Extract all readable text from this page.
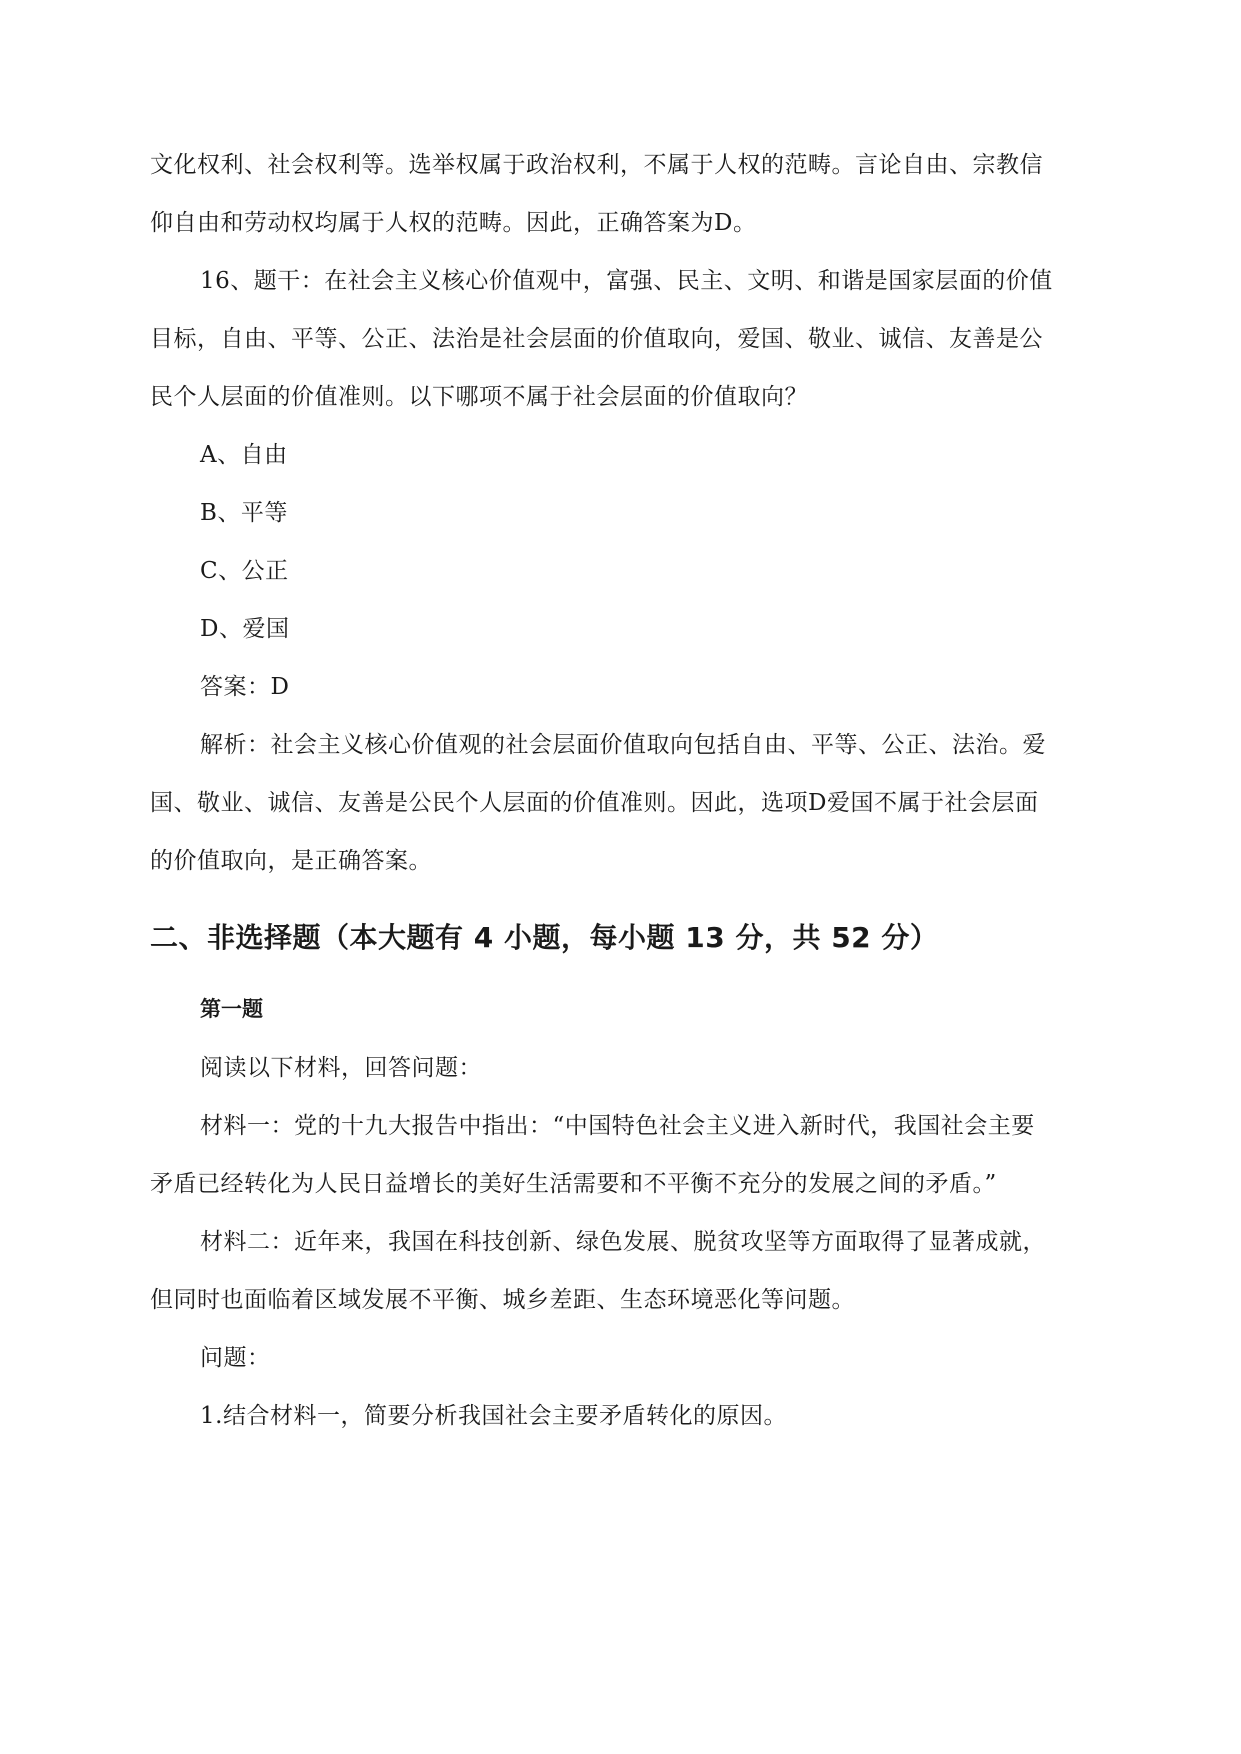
文化权利、社会权利等。选举权属于政治权利，不属于人权的范畴。言论自由、宗教信
仰自由和劳动权均属于人权的范畴。因此，正确答案为D。
16、题干：在社会主义核心价值观中，富强、民主、文明、和谐是国家层面的价值
目标，自由、平等、公正、法治是社会层面的价值取向，爱国、敬业、诚信、友善是公
民个人层面的价值准则。以下哪项不属于社会层面的价值取向？
A、自由
B、平等
C、公正
D、爱国
答案：D
解析：社会主义核心价值观的社会层面价值取向包括自由、平等、公正、法治。爱
国、敬业、诚信、友善是公民个人层面的价值准则。因此，选项D爱国不属于社会层面
的价值取向，是正确答案。
二、非选择题（本大题有 4 小题，每小题 13 分，共 52 分）
第一题
阅读以下材料，回答问题：
材料一：党的十九大报告中指出：“中国特色社会主义进入新时代，我国社会主要
矛盾已经转化为人民日益增长的美好生活需要和不平衡不充分的发展之间的矛盾。”
材料二：近年来，我国在科技创新、绿色发展、脱贫攻坚等方面取得了显著成就，
但同时也面临着区域发展不平衡、城乡差距、生态环境恶化等问题。
问题：
1.结合材料一，简要分析我国社会主要矛盾转化的原因。
